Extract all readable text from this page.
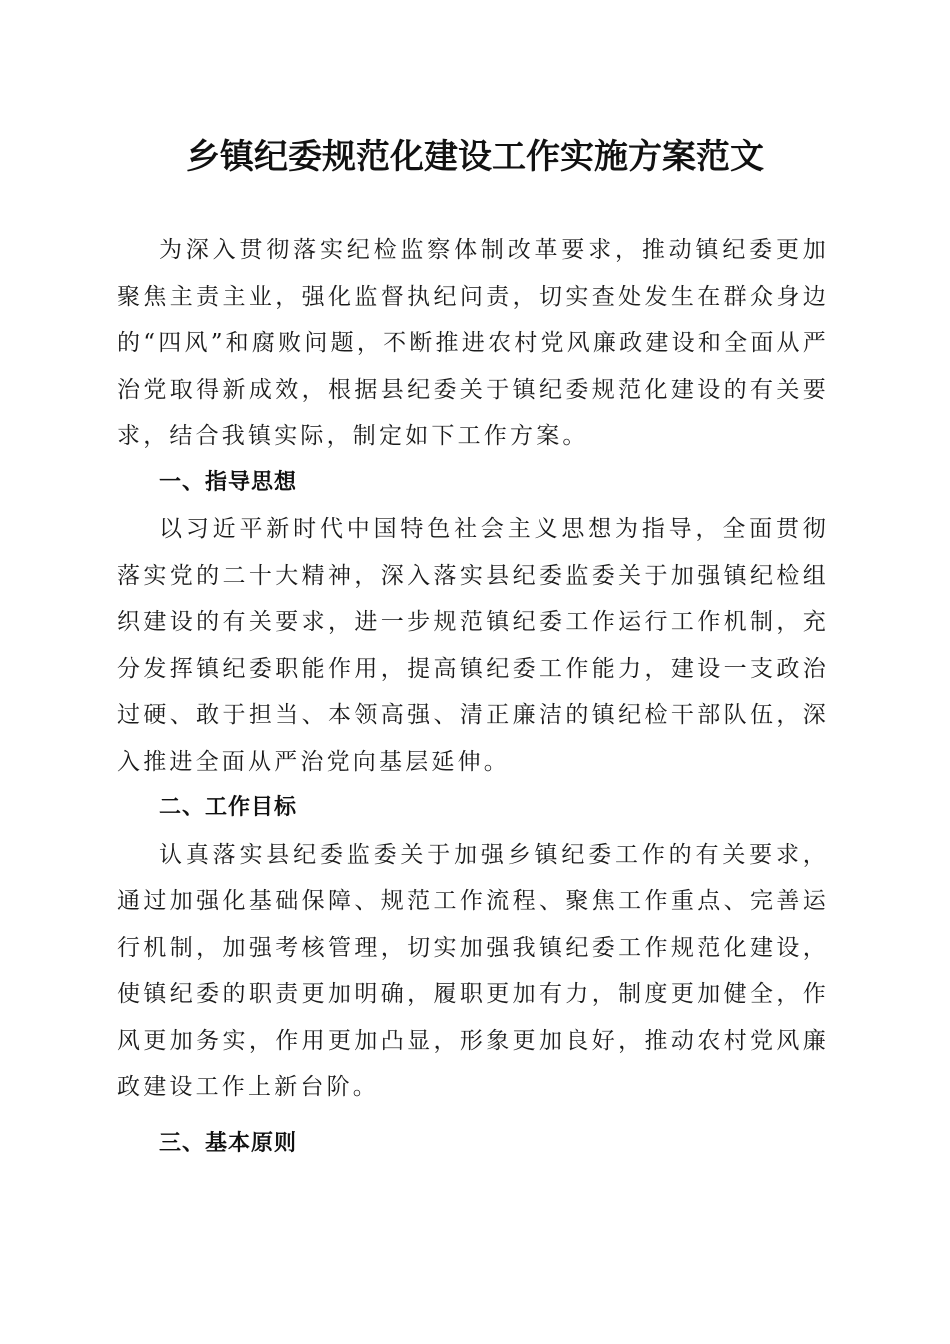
乡镇纪委规范化建设工作实施方案范文

为深入贯彻落实纪检监察体制改革要求，推动镇纪委更加聚焦主责主业，强化监督执纪问责，切实查处发生在群众身边的“四风”和腐败问题，不断推进农村党风廉政建设和全面从严治党取得新成效，根据县纪委关于镇纪委规范化建设的有关要求，结合我镇实际，制定如下工作方案。

一、指导思想

以习近平新时代中国特色社会主义思想为指导，全面贯彻落实党的二十大精神，深入落实县纪委监委关于加强镇纪检组织建设的有关要求，进一步规范镇纪委工作运行工作机制，充分发挥镇纪委职能作用，提高镇纪委工作能力，建设一支政治过硬、敢于担当、本领高强、清正廉洁的镇纪检干部队伍，深入推进全面从严治党向基层延伸。

二、工作目标

认真落实县纪委监委关于加强乡镇纪委工作的有关要求，通过加强化基础保障、规范工作流程、聚焦工作重点、完善运行机制，加强考核管理，切实加强我镇纪委工作规范化建设，使镇纪委的职责更加明确，履职更加有力，制度更加健全，作风更加务实，作用更加凸显，形象更加良好，推动农村党风廉政建设工作上新台阶。

三、基本原则
